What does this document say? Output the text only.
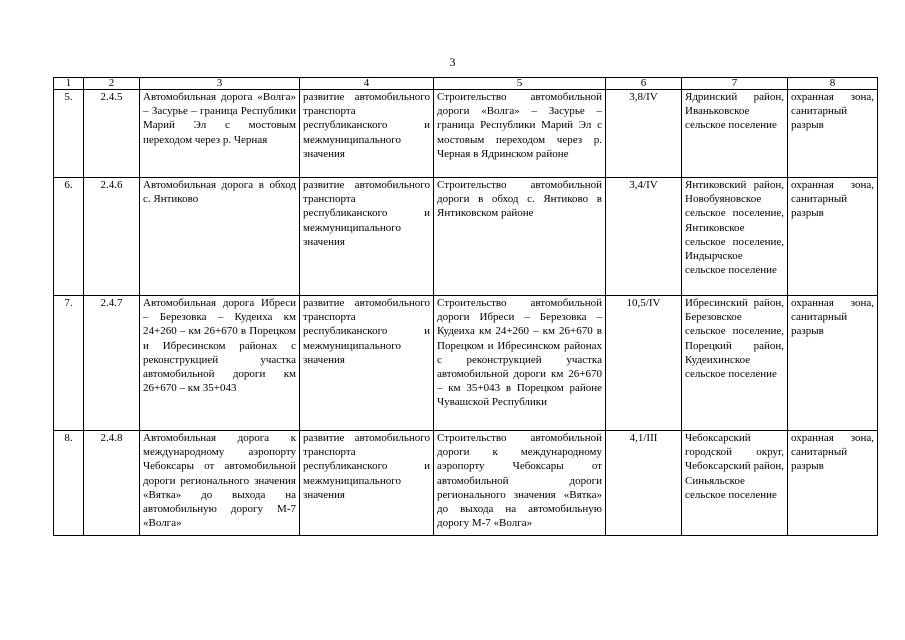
3
1	2	3	4	5	6	7	8
5.	2.4.5	Автомобильная дорога «Волга» – Засурье – граница Республики Марий Эл с мостовым переходом через р. Черная	развитие автомобильного транспорта республиканского и межмуниципального значения	Строительство автомобильной дороги «Волга» – Засурье – граница Республики Марий Эл с мостовым переходом через р. Черная в Ядринском районе	3,8/IV	Ядринский район, Иваньковское сельское поселение	охранная зона, санитарный разрыв
6.	2.4.6	Автомобильная дорога в обход с. Янтиково	развитие автомобильного транспорта республиканского и межмуниципального значения	Строительство автомобильной дороги в обход с. Янтиково в Янтиковском районе	3,4/IV	Янтиковский район, Новобуяновское сельское поселение, Янтиковское сельское поселение, Индырчское сельское поселение	охранная зона, санитарный разрыв
7.	2.4.7	Автомобильная дорога Ибреси – Березовка – Кудеиха км 24+260 – км 26+670 в Порецком и Ибресинском районах с реконструкцией участка автомобильной дороги км 26+670 – км 35+043	развитие автомобильного транспорта республиканского и межмуниципального значения	Строительство автомобильной дороги Ибреси – Березовка – Кудеиха км 24+260 – км 26+670 в Порецком и Ибресинском районах с реконструкцией участка автомобильной дороги км 26+670 – км 35+043 в Порецком районе Чувашской Республики	10,5/IV	Ибресинский район, Березовское сельское поселение, Порецкий район, Кудеихинское сельское поселение	охранная зона, санитарный разрыв
8.	2.4.8	Автомобильная дорога к международному аэропорту Чебоксары от автомобильной дороги регионального значения «Вятка» до выхода на автомобильную дорогу М-7 «Волга»	развитие автомобильного транспорта республиканского и межмуниципального значения	Строительство автомобильной дороги к международному аэропорту Чебоксары от автомобильной дороги регионального значения «Вятка» до выхода на автомобильную дорогу М-7 «Волга»	4,1/III	Чебоксарский городской округ, Чебоксарский район, Синьяльское сельское поселение	охранная зона, санитарный разрыв
